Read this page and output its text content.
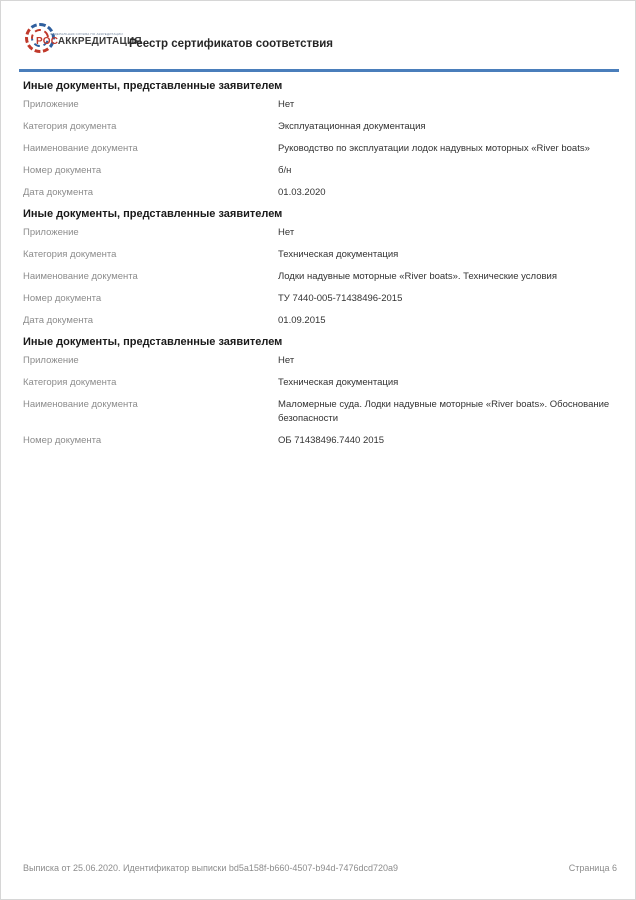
ФЕДЕРАЛЬНАЯ СЛУЖБА ПО АККРЕДИТАЦИИ
РОСАККРЕДИТАЦИЯ
Реестр сертификатов соответствия
Иные документы, представленные заявителем
Приложение	Нет
Категория документа	Эксплуатационная документация
Наименование документа	Руководство по эксплуатации лодок надувных моторных «River boats»
Номер документа	б/н
Дата документа	01.03.2020
Иные документы, представленные заявителем
Приложение	Нет
Категория документа	Техническая документация
Наименование документа	Лодки надувные моторные «River boats». Технические условия
Номер документа	ТУ 7440-005-71438496-2015
Дата документа	01.09.2015
Иные документы, представленные заявителем
Приложение	Нет
Категория документа	Техническая документация
Наименование документа	Маломерные суда. Лодки надувные моторные «River boats». Обоснование безопасности
Номер документа	ОБ 71438496.7440 2015
Выписка от 25.06.2020. Идентификатор выписки bd5a158f-b660-4507-b94d-7476dcd720a9	Страница 6
